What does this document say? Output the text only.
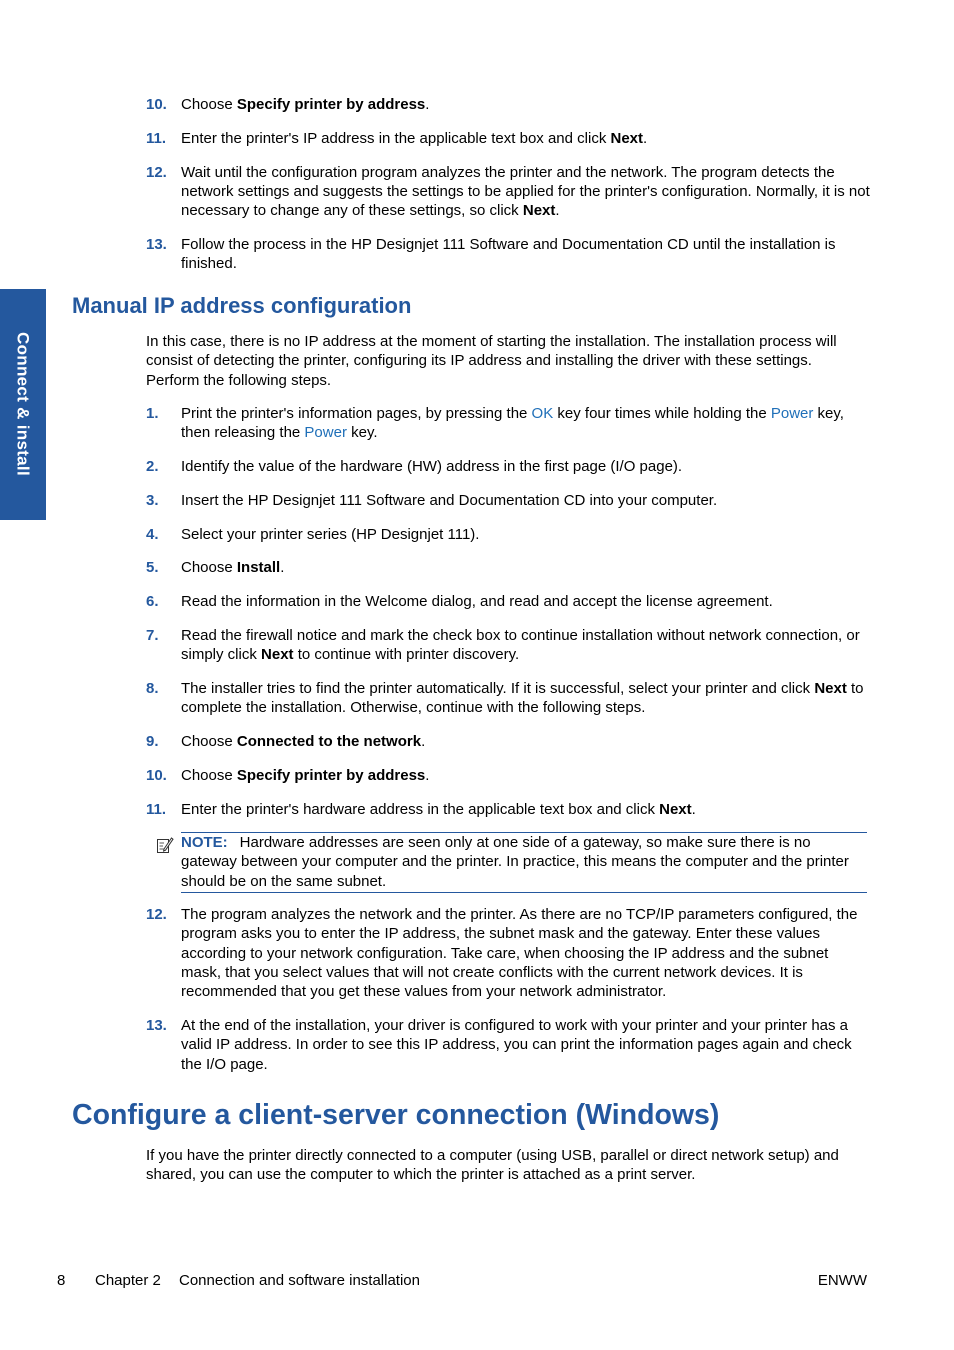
Connect & install
10. Choose Specify printer by address.
11. Enter the printer's IP address in the applicable text box and click Next.
12. Wait until the configuration program analyzes the printer and the network. The program detects the network settings and suggests the settings to be applied for the printer's configuration. Normally, it is not necessary to change any of these settings, so click Next.
13. Follow the process in the HP Designjet 111 Software and Documentation CD until the installation is finished.
Manual IP address configuration

In this case, there is no IP address at the moment of starting the installation. The installation process will consist of detecting the printer, configuring its IP address and installing the driver with these settings. Perform the following steps.

1. Print the printer's information pages, by pressing the OK key four times while holding the Power key, then releasing the Power key.
2. Identify the value of the hardware (HW) address in the first page (I/O page).
3. Insert the HP Designjet 111 Software and Documentation CD into your computer.
4. Select your printer series (HP Designjet 111).
5. Choose Install.
6. Read the information in the Welcome dialog, and read and accept the license agreement.
7. Read the firewall notice and mark the check box to continue installation without network connection, or simply click Next to continue with printer discovery.
8. The installer tries to find the printer automatically. If it is successful, select your printer and click Next to complete the installation. Otherwise, continue with the following steps.
9. Choose Connected to the network.
10. Choose Specify printer by address.
11. Enter the printer's hardware address in the applicable text box and click Next.
NOTE: Hardware addresses are seen only at one side of a gateway, so make sure there is no gateway between your computer and the printer. In practice, this means the computer and the printer should be on the same subnet.
12. The program analyzes the network and the printer. As there are no TCP/IP parameters configured, the program asks you to enter the IP address, the subnet mask and the gateway. Enter these values according to your network configuration. Take care, when choosing the IP address and the subnet mask, that you select values that will not create conflicts with the current network devices. It is recommended that you get these values from your network administrator.
13. At the end of the installation, your driver is configured to work with your printer and your printer has a valid IP address. In order to see this IP address, you can print the information pages again and check the I/O page.
Configure a client-server connection (Windows)

If you have the printer directly connected to a computer (using USB, parallel or direct network setup) and shared, you can use the computer to which the printer is attached as a print server.

8 Chapter 2 Connection and software installation	ENWW
